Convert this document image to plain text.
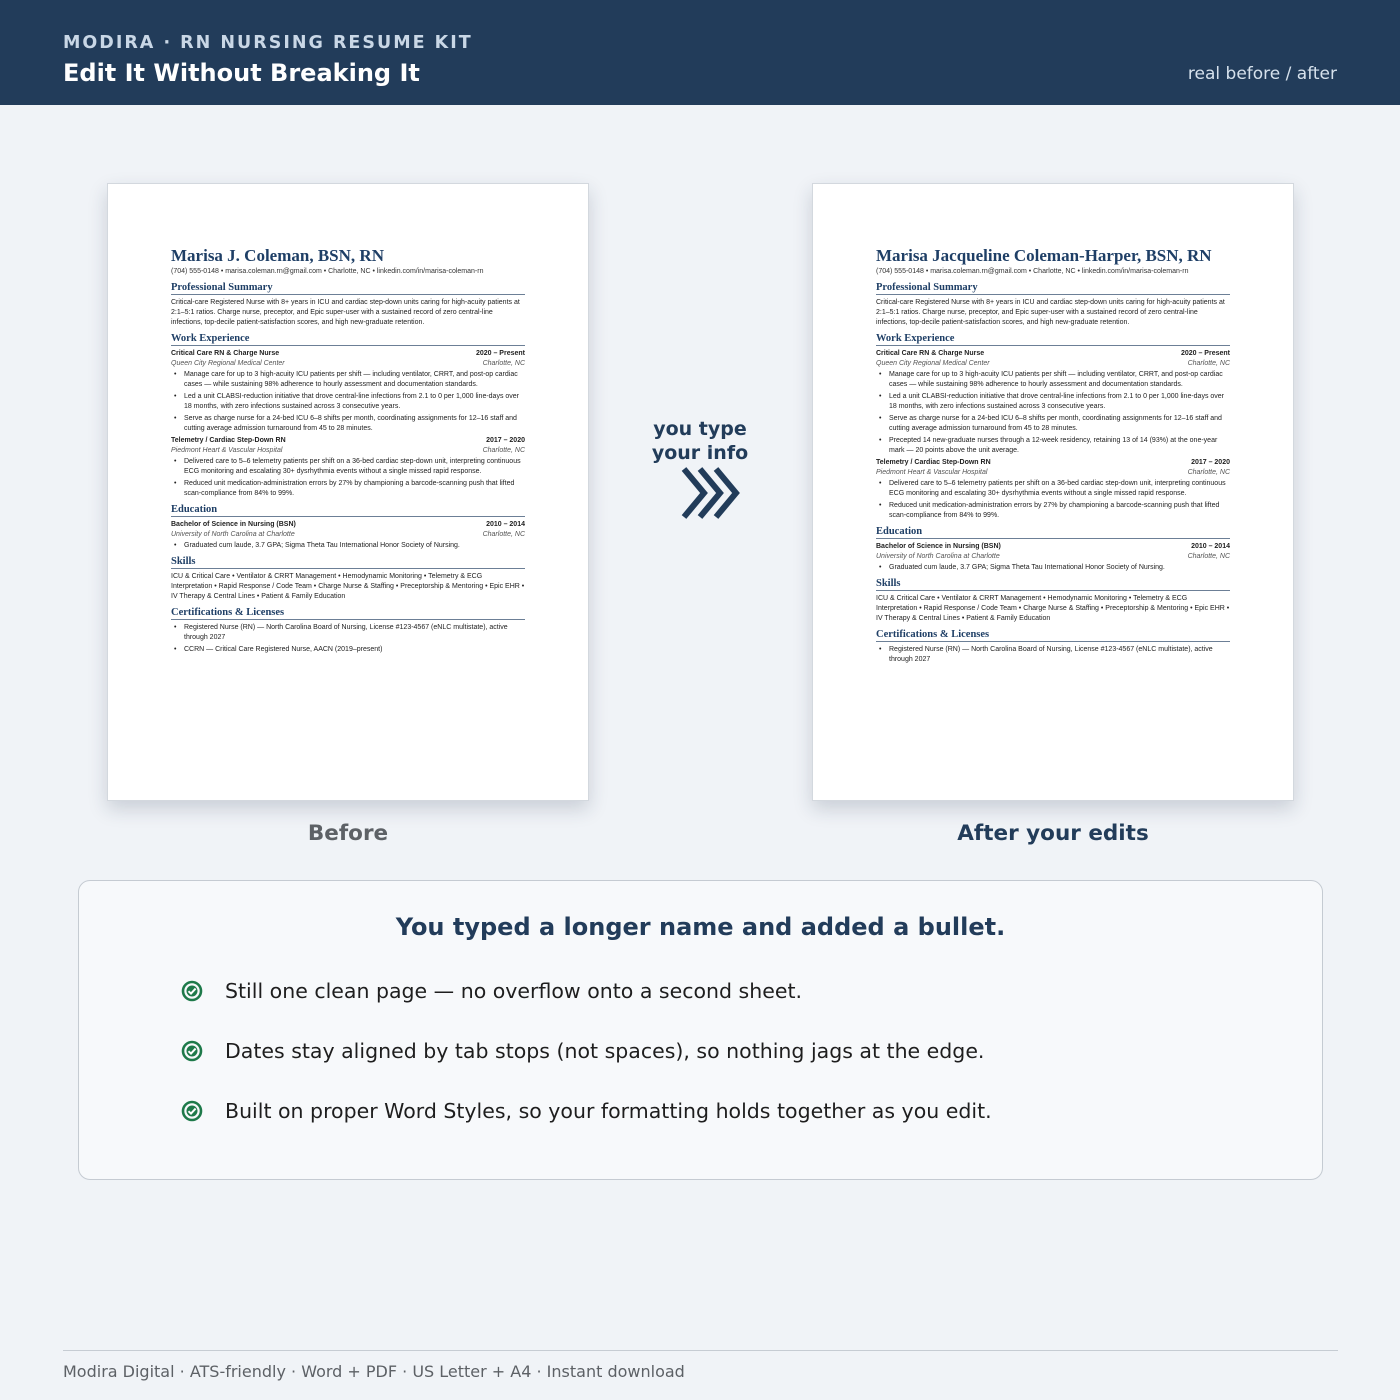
MODIRA · RN NURSING RESUME KIT
Edit It Without Breaking It	real before / after
Marisa J. Coleman, BSN, RN
(704) 555-0148 • marisa.coleman.rn@gmail.com • Charlotte, NC • linkedin.com/in/marisa-coleman-rn
Professional Summary
Critical-care Registered Nurse with 8+ years in ICU and cardiac step-down units caring for high-acuity patients at 2:1–5:1 ratios. Charge nurse, preceptor, and Epic super-user with a sustained record of zero central-line infections, top-decile patient-satisfaction scores, and high new-graduate retention.
Work Experience
Critical Care RN & Charge Nurse	2020 – Present
Queen City Regional Medical Center	Charlotte, NC
• Manage care for up to 3 high-acuity ICU patients per shift — including ventilator, CRRT, and post-op cardiac cases — while sustaining 98% adherence to hourly assessment and documentation standards.
• Led a unit CLABSI-reduction initiative that drove central-line infections from 2.1 to 0 per 1,000 line-days over 18 months, with zero infections sustained across 3 consecutive years.
• Serve as charge nurse for a 24-bed ICU 6–8 shifts per month, coordinating assignments for 12–16 staff and cutting average admission turnaround from 45 to 28 minutes.
Telemetry / Cardiac Step-Down RN	2017 – 2020
Piedmont Heart & Vascular Hospital	Charlotte, NC
• Delivered care to 5–6 telemetry patients per shift on a 36-bed cardiac step-down unit, interpreting continuous ECG monitoring and escalating 30+ dysrhythmia events without a single missed rapid response.
• Reduced unit medication-administration errors by 27% by championing a barcode-scanning push that lifted scan-compliance from 84% to 99%.
Education
Bachelor of Science in Nursing (BSN)	2010 – 2014
University of North Carolina at Charlotte	Charlotte, NC
• Graduated cum laude, 3.7 GPA; Sigma Theta Tau International Honor Society of Nursing.
Skills
ICU & Critical Care • Ventilator & CRRT Management • Hemodynamic Monitoring • Telemetry & ECG Interpretation • Rapid Response / Code Team • Charge Nurse & Staffing • Preceptorship & Mentoring • Epic EHR • IV Therapy & Central Lines • Patient & Family Education
Certifications & Licenses
• Registered Nurse (RN) — North Carolina Board of Nursing, License #123-4567 (eNLC multistate), active through 2027
• CCRN — Critical Care Registered Nurse, AACN (2019–present)
Marisa Jacqueline Coleman-Harper, BSN, RN
(704) 555-0148 • marisa.coleman.rn@gmail.com • Charlotte, NC • linkedin.com/in/marisa-coleman-rn
Professional Summary
Critical-care Registered Nurse with 8+ years in ICU and cardiac step-down units caring for high-acuity patients at 2:1–5:1 ratios. Charge nurse, preceptor, and Epic super-user with a sustained record of zero central-line infections, top-decile patient-satisfaction scores, and high new-graduate retention.
Work Experience
Critical Care RN & Charge Nurse	2020 – Present
Queen City Regional Medical Center	Charlotte, NC
• Manage care for up to 3 high-acuity ICU patients per shift — including ventilator, CRRT, and post-op cardiac cases — while sustaining 98% adherence to hourly assessment and documentation standards.
• Led a unit CLABSI-reduction initiative that drove central-line infections from 2.1 to 0 per 1,000 line-days over 18 months, with zero infections sustained across 3 consecutive years.
• Serve as charge nurse for a 24-bed ICU 6–8 shifts per month, coordinating assignments for 12–16 staff and cutting average admission turnaround from 45 to 28 minutes.
• Precepted 14 new-graduate nurses through a 12-week residency, retaining 13 of 14 (93%) at the one-year mark — 20 points above the unit average.
Telemetry / Cardiac Step-Down RN	2017 – 2020
Piedmont Heart & Vascular Hospital	Charlotte, NC
• Delivered care to 5–6 telemetry patients per shift on a 36-bed cardiac step-down unit, interpreting continuous ECG monitoring and escalating 30+ dysrhythmia events without a single missed rapid response.
• Reduced unit medication-administration errors by 27% by championing a barcode-scanning push that lifted scan-compliance from 84% to 99%.
Education
Bachelor of Science in Nursing (BSN)	2010 – 2014
University of North Carolina at Charlotte	Charlotte, NC
• Graduated cum laude, 3.7 GPA; Sigma Theta Tau International Honor Society of Nursing.
Skills
ICU & Critical Care • Ventilator & CRRT Management • Hemodynamic Monitoring • Telemetry & ECG Interpretation • Rapid Response / Code Team • Charge Nurse & Staffing • Preceptorship & Mentoring • Epic EHR • IV Therapy & Central Lines • Patient & Family Education
Certifications & Licenses
• Registered Nurse (RN) — North Carolina Board of Nursing, License #123-4567 (eNLC multistate), active through 2027
you type
your info
Before	After your edits
You typed a longer name and added a bullet.
Still one clean page — no overflow onto a second sheet.
Dates stay aligned by tab stops (not spaces), so nothing jags at the edge.
Built on proper Word Styles, so your formatting holds together as you edit.
Modira Digital · ATS-friendly · Word + PDF · US Letter + A4 · Instant download
